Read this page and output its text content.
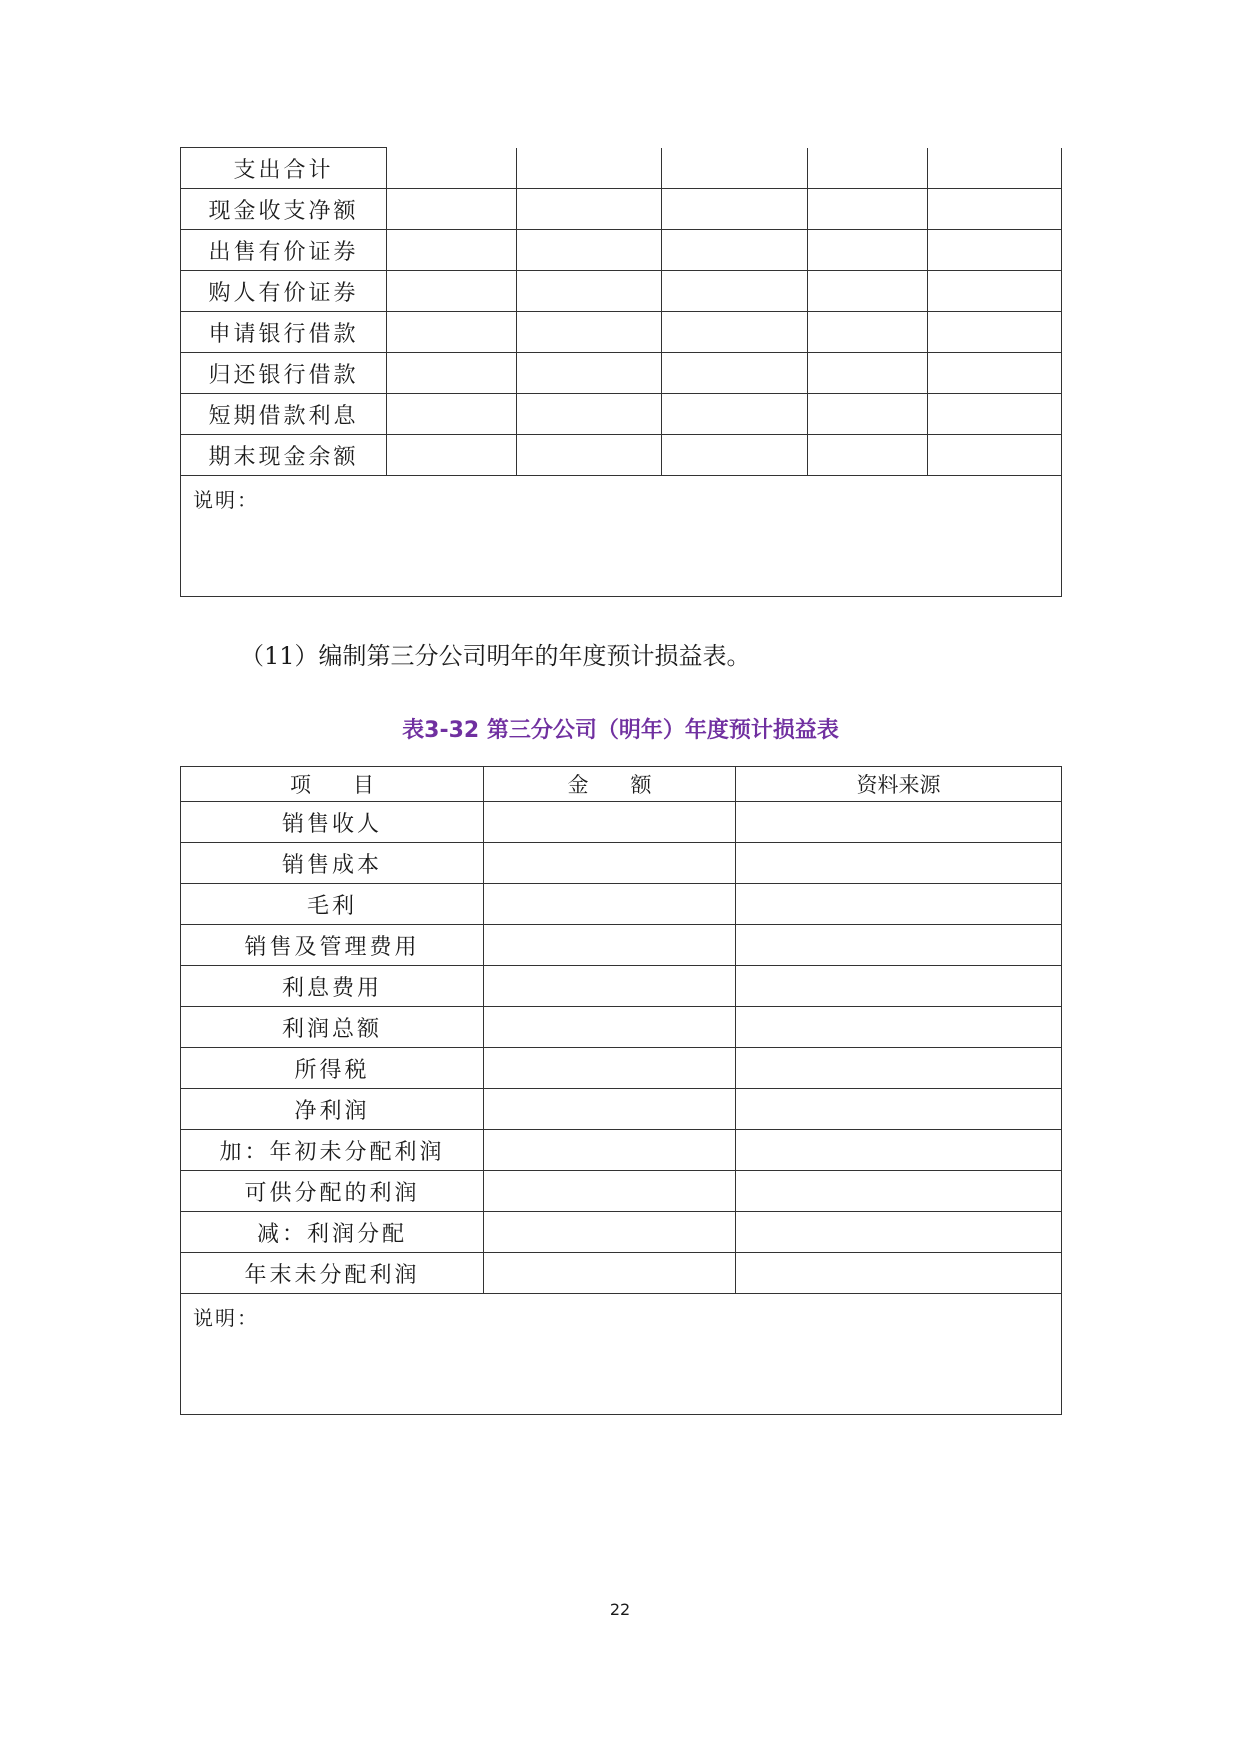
支出合计					
现金收支净额					
出售有价证券					
购人有价证券					
申请银行借款					
归还银行借款					
短期借款利息					
期末现金余额					
说明：					
（11）编制第三分公司明年的年度预计损益表。
表3-32 第三分公司（明年）年度预计损益表
项　　目	金　　额	资料来源
销售收人		
销售成本		
毛利		
销售及管理费用		
利息费用		
利润总额		
所得税		
净利润		
加：年初未分配利润		
可供分配的利润		
减：利润分配		
年末未分配利润		
说明：		
22
